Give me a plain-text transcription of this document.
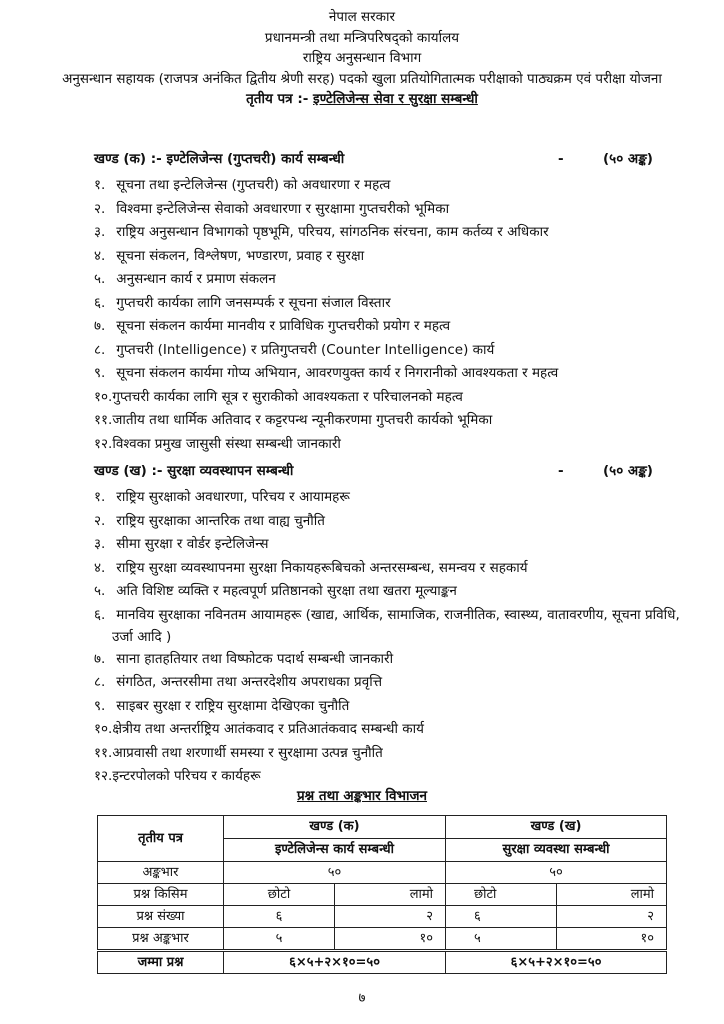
नेपाल सरकार
प्रधानमन्त्री तथा मन्त्रिपरिषद्को कार्यालय
राष्ट्रिय अनुसन्धान विभाग
अनुसन्धान सहायक (राजपत्र अनंकित द्वितीय श्रेणी सरह) पदको खुला प्रतियोगितात्मक परीक्षाको पाठ्यक्रम एवं परीक्षा योजना
तृतीय पत्र :- इण्टेलिजेन्स सेवा र सुरक्षा सम्बन्धी
खण्ड (क) :- इण्टेलिजेन्स (गुप्तचरी) कार्य सम्बन्धी	-	(५० अङ्क)
१. सूचना तथा इन्टेलिजेन्स (गुप्तचरी) को अवधारणा र महत्व
२. विश्वमा इन्टेलिजेन्स सेवाको अवधारणा र सुरक्षामा गुप्तचरीको भूमिका
३. राष्ट्रिय अनुसन्धान विभागको पृष्ठभूमि, परिचय, सांगठनिक संरचना, काम कर्तव्य र अधिकार
४. सूचना संकलन, विश्लेषण, भण्डारण, प्रवाह र सुरक्षा
५. अनुसन्धान कार्य र प्रमाण संकलन
६. गुप्तचरी कार्यका लागि जनसम्पर्क र सूचना संजाल विस्तार
७. सूचना संकलन कार्यमा मानवीय र प्राविधिक गुप्तचरीको प्रयोग र महत्व
८. गुप्तचरी (Intelligence) र प्रतिगुप्तचरी (Counter Intelligence) कार्य
९. सूचना संकलन कार्यमा गोप्य अभियान, आवरणयुक्त कार्य र निगरानीको आवश्यकता र महत्व
१०.गुप्तचरी कार्यका लागि सूत्र र सुराकीको आवश्यकता र परिचालनको महत्व
११.जातीय तथा धार्मिक अतिवाद र कट्टरपन्थ न्यूनीकरणमा गुप्तचरी कार्यको भूमिका
१२.विश्वका प्रमुख जासुसी संस्था सम्बन्धी जानकारी
खण्ड (ख) :- सुरक्षा व्यवस्थापन सम्बन्धी	-	(५० अङ्क)
१. राष्ट्रिय सुरक्षाको अवधारणा, परिचय र आयामहरू
२. राष्ट्रिय सुरक्षाका आन्तरिक तथा वाह्य चुनौति
३. सीमा सुरक्षा र वोर्डर इन्टेलिजेन्स
४. राष्ट्रिय सुरक्षा व्यवस्थापनमा सुरक्षा निकायहरूबिचको अन्तरसम्बन्ध, समन्वय र सहकार्य
५. अति विशिष्ट व्यक्ति र महत्वपूर्ण प्रतिष्ठानको सुरक्षा तथा खतरा मूल्याङ्कन
६. मानविय सुरक्षाका नविनतम आयामहरू (खाद्य, आर्थिक, सामाजिक, राजनीतिक, स्वास्थ्य, वातावरणीय, सूचना प्रविधि, उर्जा आदि )
७. साना हातहतियार तथा विष्फोटक पदार्थ सम्बन्धी जानकारी
८. संगठित, अन्तरसीमा तथा अन्तरदेशीय अपराधका प्रवृत्ति
९. साइबर सुरक्षा र राष्ट्रिय सुरक्षामा देखिएका चुनौति
१०.क्षेत्रीय तथा अन्तर्राष्ट्रिय आतंकवाद र प्रतिआतंकवाद सम्बन्धी कार्य
११.आप्रवासी तथा शरणार्थी समस्या र सुरक्षामा उत्पन्न चुनौति
१२.इन्टरपोलको परिचय र कार्यहरू
प्रश्न तथा अङ्कभार विभाजन
तृतीय पत्र	खण्ड (क)		खण्ड (ख)	
	इण्टेलिजेन्स कार्य सम्बन्धी		सुरक्षा व्यवस्था सम्बन्धी	
अङ्कभार	५०		५०	
प्रश्न किसिम	छोटो	लामो	छोटो	लामो
प्रश्न संख्या	६	२	६	२
प्रश्न अङ्कभार	५	१०	५	१०
जम्मा प्रश्न	६×५+२×१०=५०		६×५+२×१०=५०	
७
